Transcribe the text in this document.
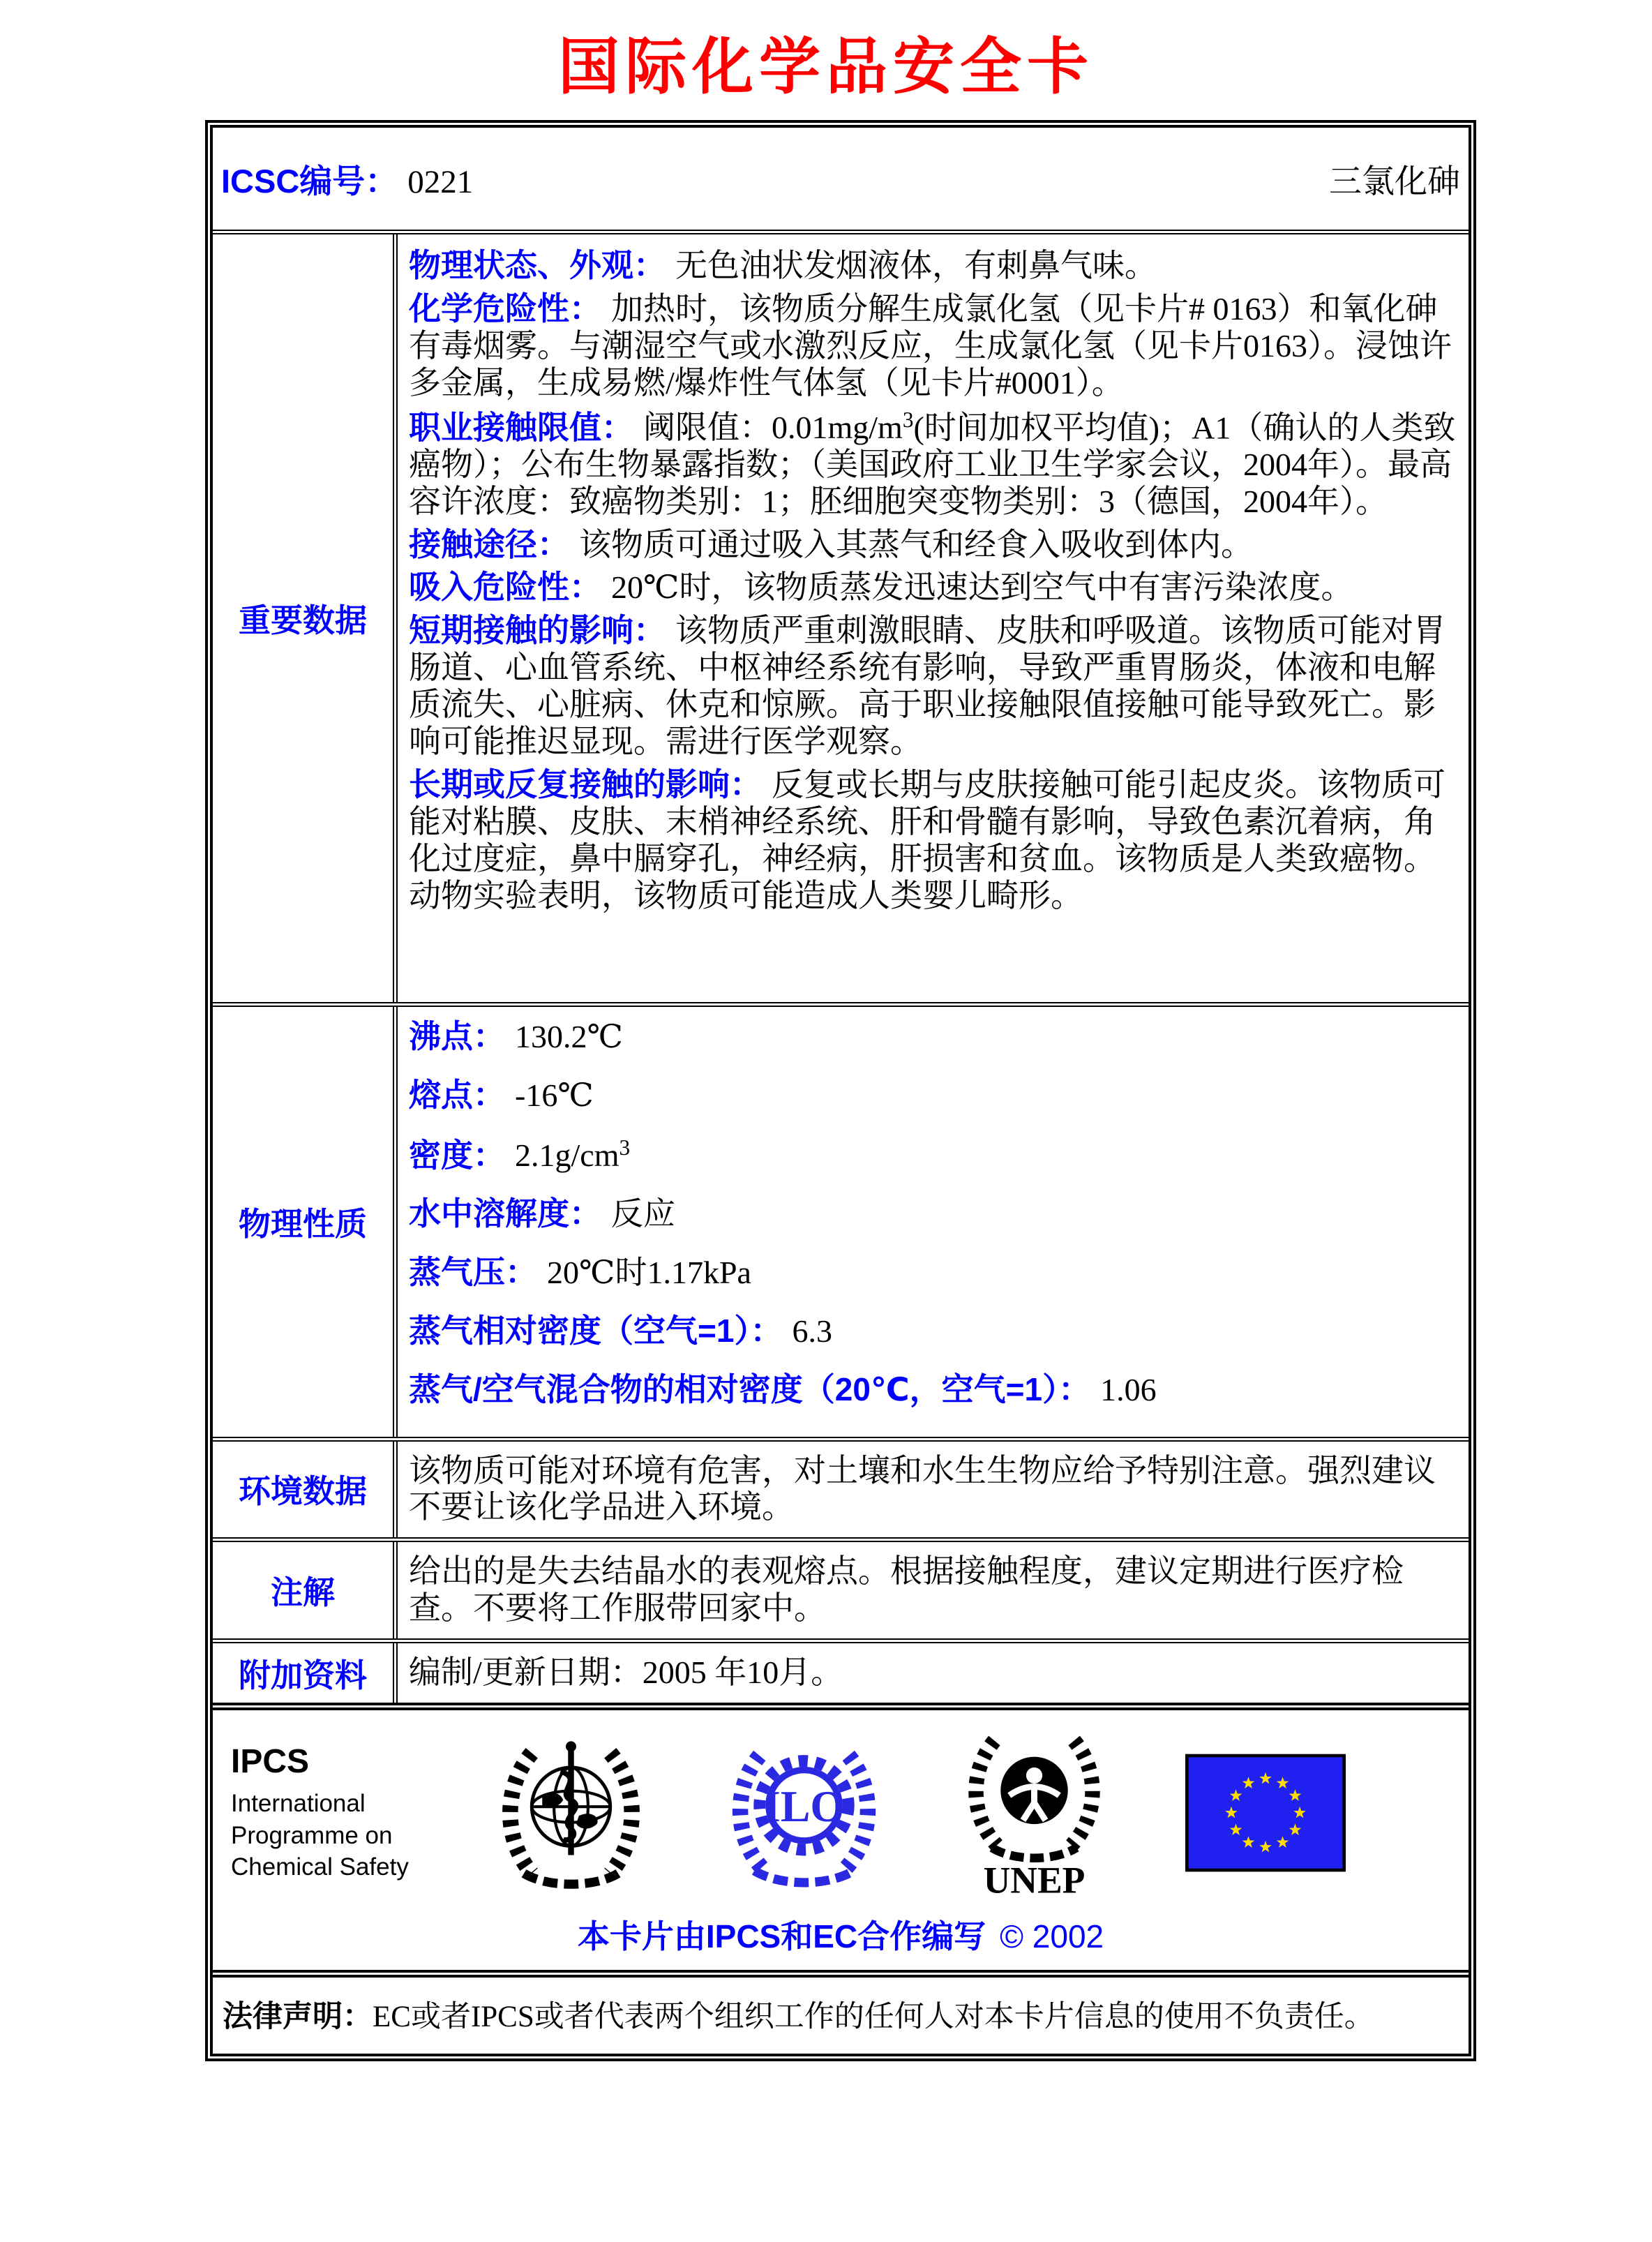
国际化学品安全卡
ICSC编号： 0221	三氯化砷
重要数据

物理状态、外观： 无色油状发烟液体，有刺鼻气味。

化学危险性： 加热时，该物质分解生成氯化氢（见卡片# 0163）和氧化砷有毒烟雾。与潮湿空气或水激烈反应，生成氯化氢（见卡片0163）。浸蚀许多金属，生成易燃/爆炸性气体氢（见卡片#0001）。

职业接触限值： 阈限值：$0.01mg/m^3$(时间加权平均值)；A1（确认的人类致癌物）；公布生物暴露指数；（美国政府工业卫生学家会议，2004年）。最高容许浓度：致癌物类别：1；胚细胞突变物类别：3（德国，2004年）。

接触途径： 该物质可通过吸入其蒸气和经食入吸收到体内。

吸入危险性： 20℃时，该物质蒸发迅速达到空气中有害污染浓度。

短期接触的影响： 该物质严重刺激眼睛、皮肤和呼吸道。该物质可能对胃肠道、心血管系统、中枢神经系统有影响，导致严重胃肠炎，体液和电解质流失、心脏病、休克和惊厥。高于职业接触限值接触可能导致死亡。影响可能推迟显现。需进行医学观察。

长期或反复接触的影响： 反复或长期与皮肤接触可能引起皮炎。该物质可能对粘膜、皮肤、末梢神经系统、肝和骨髓有影响，导致色素沉着病，角化过度症，鼻中膈穿孔，神经病，肝损害和贫血。该物质是人类致癌物。动物实验表明，该物质可能造成人类婴儿畸形。

物理性质

沸点： 130.2℃

熔点： -16℃

密度： $2.1g/cm^3$

水中溶解度： 反应

蒸气压： 20℃时1.17kPa

蒸气相对密度（空气=1）： 6.3

蒸气/空气混合物的相对密度（20℃，空气=1）： 1.06

环境数据

该物质可能对环境有危害，对土壤和水生生物应给予特别注意。强烈建议不要让该化学品进入环境。

注解

给出的是失去结晶水的表观熔点。根据接触程度，建议定期进行医疗检查。不要将工作服带回家中。

附加资料	编制/更新日期：2005 年10月。

IPCS
International
Programme on
Chemical Safety
ILO
UNEP
本卡片由IPCS和EC合作编写 © 2002
法律声明：EC或者IPCS或者代表两个组织工作的任何人对本卡片信息的使用不负责任。
